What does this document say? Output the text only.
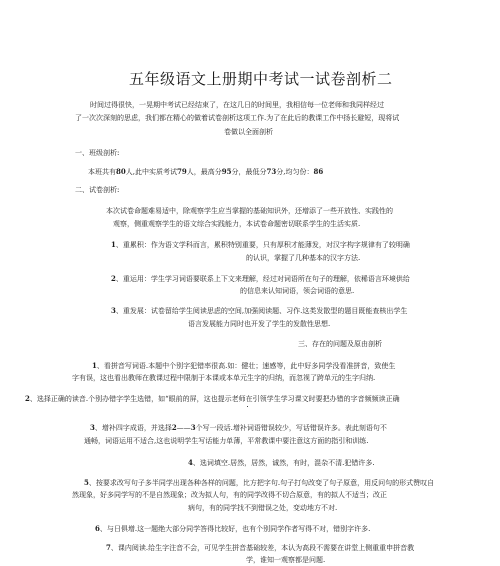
五年级语文上册期中考试一试卷剖析二
时间过得很快，一晃期中考试已经结束了，在这几日的时间里，我相信每一位老师和我同样经过
了一次次深刻的思虑，我们都在精心的做着试卷剖析这项工作.为了在此后的教课工作中扬长避短，现将试
卷做以全面剖析
一、班级剖析:
本班共有80人,此中实质考试79人，最高分95分，最低分73分,均匀份：86
二、试卷剖析:
本次试卷命题难易适中，除观察学生应当掌握的基础知识外，还增添了一些开放性、实践性的
观察，侧重观察学生的语文综合实践能力，本试卷命题密切联系学生的生活实质.
1、重累积：作为语文学科而言，累积特别重要，只有厚积才能薄发，对汉字构字规律有了较明确
的认识，掌握了几种基本的汉字方法.
2、重运用：学生学习词语要联系上下文来理解，经过对词语所在句子的理解，依稀语言环境供给
的信息来认知词语，领会词语的意思.
3、重发展：试卷留给学生阅读思虑的空间,加强阅读题、习作.这类发散型的题目既能查核出学生
语言发展能力同时也开发了学生的发散性思想.
三、存在的问题及原由剖析
1、看拼音写词语.本题中个别字犯错率很高.如：健壮；速感等，此中好多同学没看准拼音，致使生
字有误，这也看出教师在教课过程中限制于本课或本单元生字的归纳，而忽视了跨单元的生字归纳.
2、选择正确的读音.个别办错字学生选错，如“眼前的屏，这也提示老师在引领学生学习课文时要把办错的字音频频读正确
3、增补四字成语，并选择2——3个写一段话.增补词语错误较少，写话错误许多。表此刻语句不
通畅，词语运用不适合,这也说明学生写话能力单薄，平常教课中要注意这方面的指引和训练.
4、选词填空.居然，居然，诚然，有时，混杂不清.犯错许多.
5、按要求改写句子多半同学出现各种各样的问题，比方把字句.句子打句改变了句子原意，用反问句的形式赞叹自
然现象，好多同学写的不是自然现象；改为拟人句，有的同学改得不切合原意，有的拟人不适当；改正
病句，有的同学找不到错误之处，变动地方不对.
6、与日俱增.这一题绝大部分同学答得比较好，也有个别同学作者写得不对，错别字许多.
7、课内阅读.给生字注音不会，可见学生拼音基础较差，本认为高段不需要在讲堂上侧重重申拼音教
学，谁知一观察都是问题.
